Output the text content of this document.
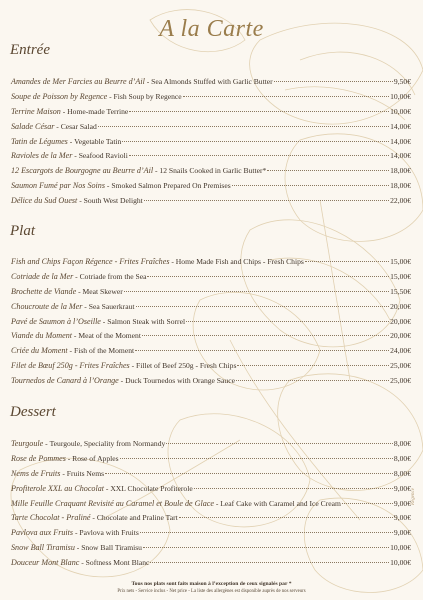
A la Carte
Entrée
Amandes de Mer Farcies au Beurre d’Ail - Sea Almonds Stuffed with Garlic Butter	9,50€
Soupe de Poisson by Regence - Fish Soup by Regence	10,00€
Terrine Maison - Home-made Terrine	10,00€
Salade César - Cesar Salad	14,00€
Tatin de Légumes - Vegetable Tatin	14,00€
Ravioles de la Mer - Seafood Ravioli	14,00€
12 Escargots de Bourgogne au Beurre d’Ail - 12 Snails Cooked in Garlic Butter*	18,00€
Saumon Fumé par Nos Soins - Smoked Salmon Prepared On Premises	18,00€
Délice du Sud Ouest - South West Delight	22,00€
Plat
Fish and Chips Façon Régence - Frites Fraîches - Home Made Fish and Chips - Fresh Chips	15,00€
Cotriade de la Mer - Cotriade from the Sea	15,00€
Brochette de Viande - Meat Skewer	15,50€
Choucroute de la Mer - Sea Sauerkraut	20,00€
Pavé de Saumon à l’Oseille - Salmon Steak with Sorrel	20,00€
Viande du Moment - Meat of the Moment	20,00€
Criée du Moment - Fish of the Moment	24,00€
Filet de Bœuf 250g - Frites Fraîches - Fillet of Beef 250g - Fresh Chips	25,00€
Tournedos de Canard à l’Orange - Duck Tournedos with Orange Sauce	25,00€
Dessert
Teurgoule - Teurgoule, Speciality from Normandy	8,00€
Rose de Pommes - Rose of Apples	8,00€
Nems de Fruits - Fruits Nems	8,00€
Profiterole XXL au Chocolat - XXL Chocolate Profiterole	9,00€
Mille Feuille Craquant Revisité au Caramel et Boule de Glace - Leaf Cake with Caramel and Ice Cream	9,00€
Tarte Chocolat - Praliné - Chocolate and Praline Tart	9,00€
Pavlova aux Fruits - Pavlova with Fruits	9,00€
Snow Ball Tiramisu - Snow Ball Tiramisu	10,00€
Douceur Mont Blanc - Softness Mont Blanc	10,00€
Régence
Tous nos plats sont faits maison à l’exception de ceux signalés par *
Prix nets - Service inclus - Net price - La liste des allergènes est disponible auprès de nos serveurs
